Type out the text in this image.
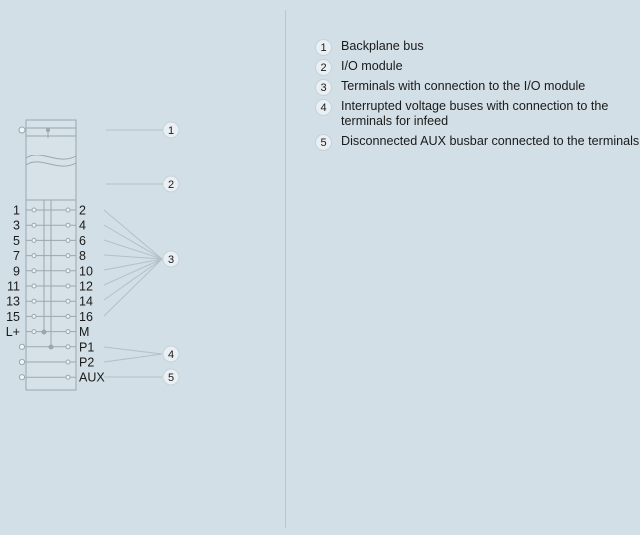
1
3
5
7
9
11
13
15
L+
2
4
6
8
10
12
14
16
M
P1
P2
AUX
1
2
3
4
5
1	Backplane bus
2	I/O module
3	Terminals with connection to the I/O module
4	Interrupted voltage buses with connection to the terminals for infeed
5	Disconnected AUX busbar connected to the terminals
